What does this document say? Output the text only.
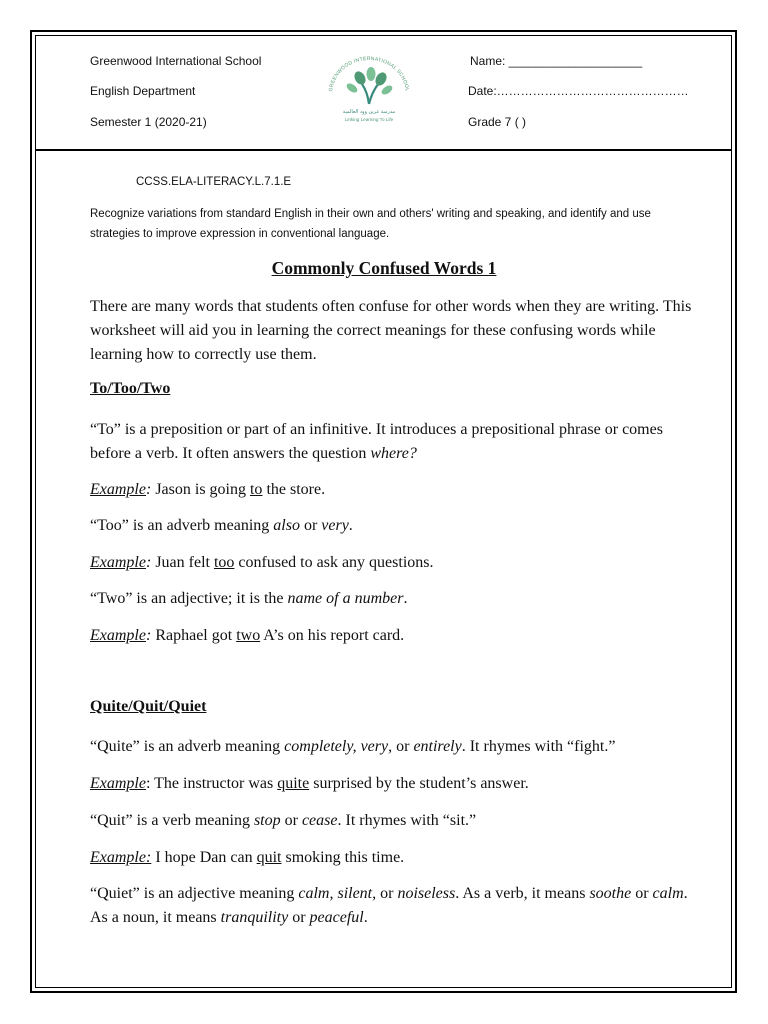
Greenwood International School
English Department
Semester 1 (2020-21)
Name: ____________________
Date:…………………………………………
Grade 7 ( )
GREENWOOD INTERNATIONAL SCHOOL
مدرسة غرين وود العالمية
Linking Learning To Life
CCSS.ELA-LITERACY.L.7.1.E
Recognize variations from standard English in their own and others' writing and speaking, and identify and use strategies to improve expression in conventional language.
Commonly Confused Words 1
There are many words that students often confuse for other words when they are writing. This worksheet will aid you in learning the correct meanings for these confusing words while learning how to correctly use them.
To/Too/Two
“To” is a preposition or part of an infinitive. It introduces a prepositional phrase or comes before a verb. It often answers the question where?
Example: Jason is going to the store.
“Too” is an adverb meaning also or very.
Example: Juan felt too confused to ask any questions.
“Two” is an adjective; it is the name of a number.
Example: Raphael got two A’s on his report card.
Quite/Quit/Quiet
“Quite” is an adverb meaning completely, very, or entirely. It rhymes with “fight.”
Example: The instructor was quite surprised by the student’s answer.
“Quit” is a verb meaning stop or cease. It rhymes with “sit.”
Example: I hope Dan can quit smoking this time.
“Quiet” is an adjective meaning calm, silent, or noiseless. As a verb, it means soothe or calm. As a noun, it means tranquility or peaceful.
